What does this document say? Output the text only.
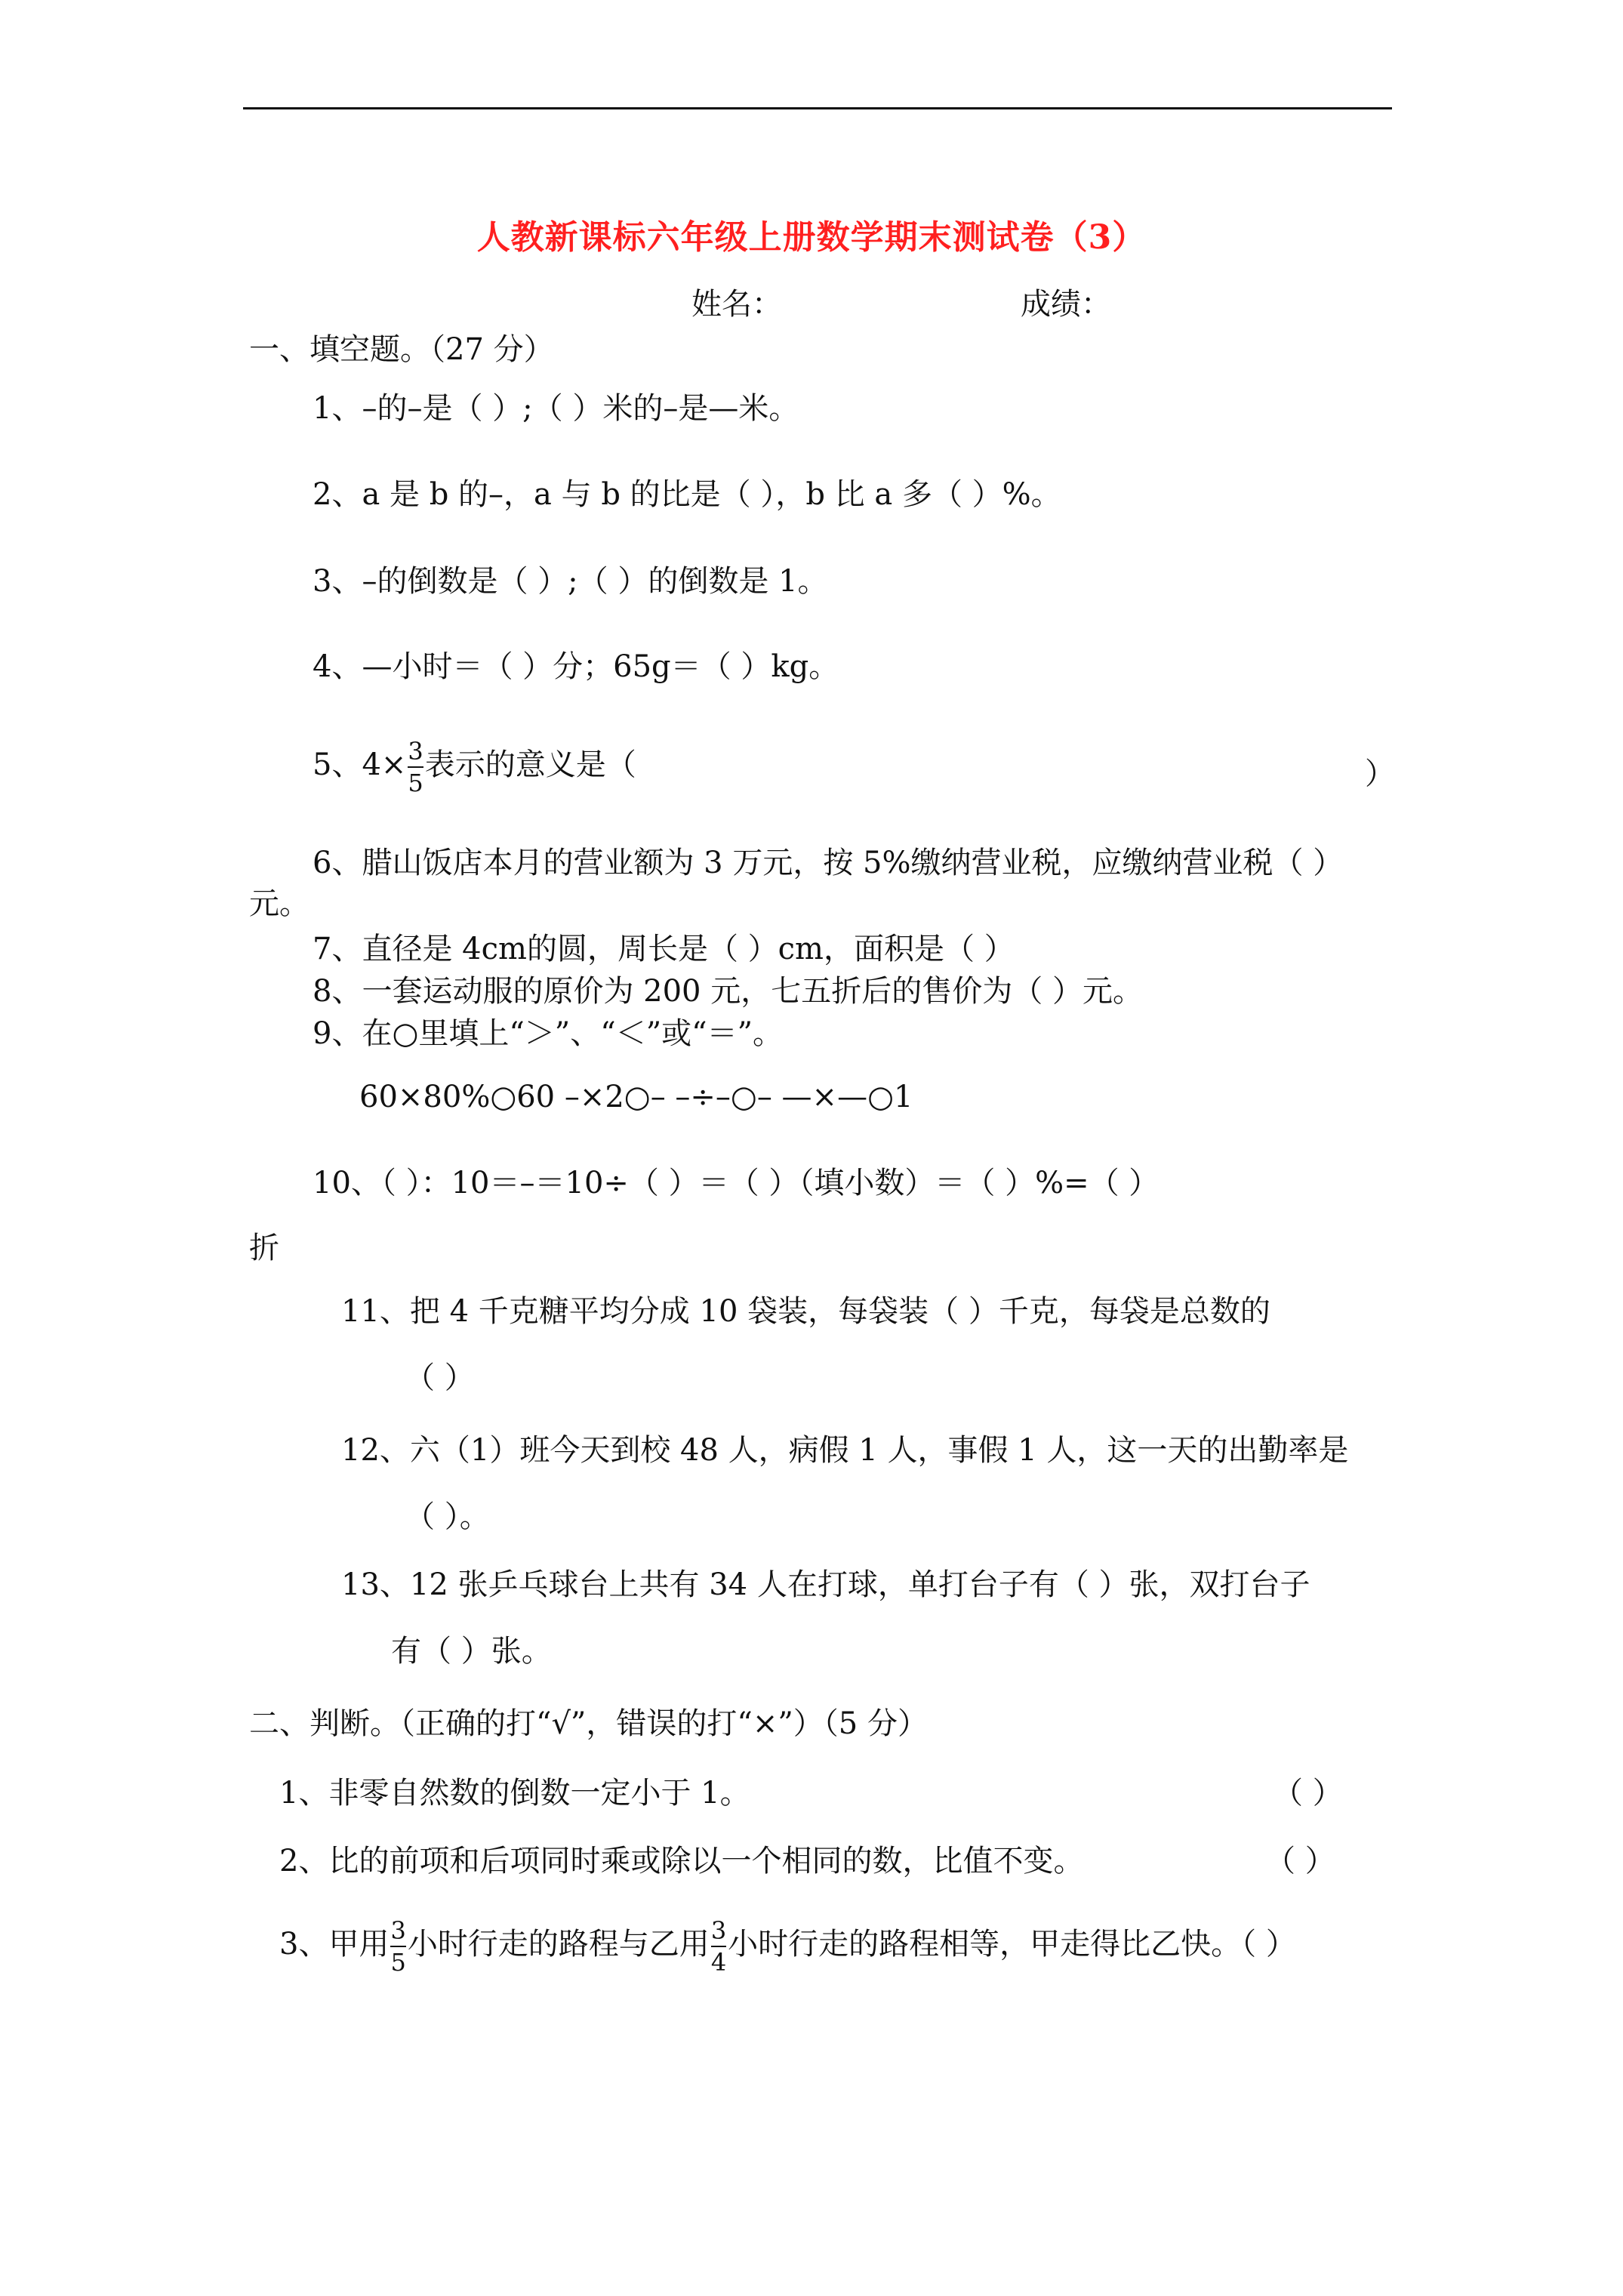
人教新课标六年级上册数学期末测试卷（3）
姓名：	成绩：
一、填空题。（27 分）
1、–的–是（ ）;（ ）米的–是—米。
2、a 是 b 的–，a 与 b 的比是（ ），b 比 a 多（ ）%。
3、–的倒数是（ ）;（ ）的倒数是 1。
4、—小时＝（ ）分；65g＝（ ）kg。
5、$4\times \frac{3}{5}$ 表示的意义是（	）
6、腊山饭店本月的营业额为 3 万元，按 5%缴纳营业税，应缴纳营业税（ ）
元。
7、直径是 4cm的圆，周长是（ ）cm，面积是（ ）
8、一套运动服的原价为 200 元，七五折后的售价为（ ）元。
9、在○里填上“＞”、“＜”或“＝”。
60×80%○60 –×2○– –÷–○– —×—○1
10、（ ）：10＝–＝10÷（ ）＝（ ）（填小数）＝（ ）%=（ ）
折
11、把 4 千克糖平均分成 10 袋装，每袋装（ ）千克，每袋是总数的
（ ）
12、六（1）班今天到校 48 人，病假 1 人，事假 1 人，这一天的出勤率是
（ ）。
13、12 张乒乓球台上共有 34 人在打球，单打台子有（ ）张，双打台子
有（ ）张。
二、判断。（正确的打“√”，错误的打“×”）（5 分）
1、非零自然数的倒数一定小于 1。	（ ）
2、比的前项和后项同时乘或除以一个相同的数，比值不变。	（ ）
3、甲用 $\frac{3}{5}$ 小时行走的路程与乙用 $\frac{3}{4}$ 小时行走的路程相等，甲走得比乙快。（ ）
